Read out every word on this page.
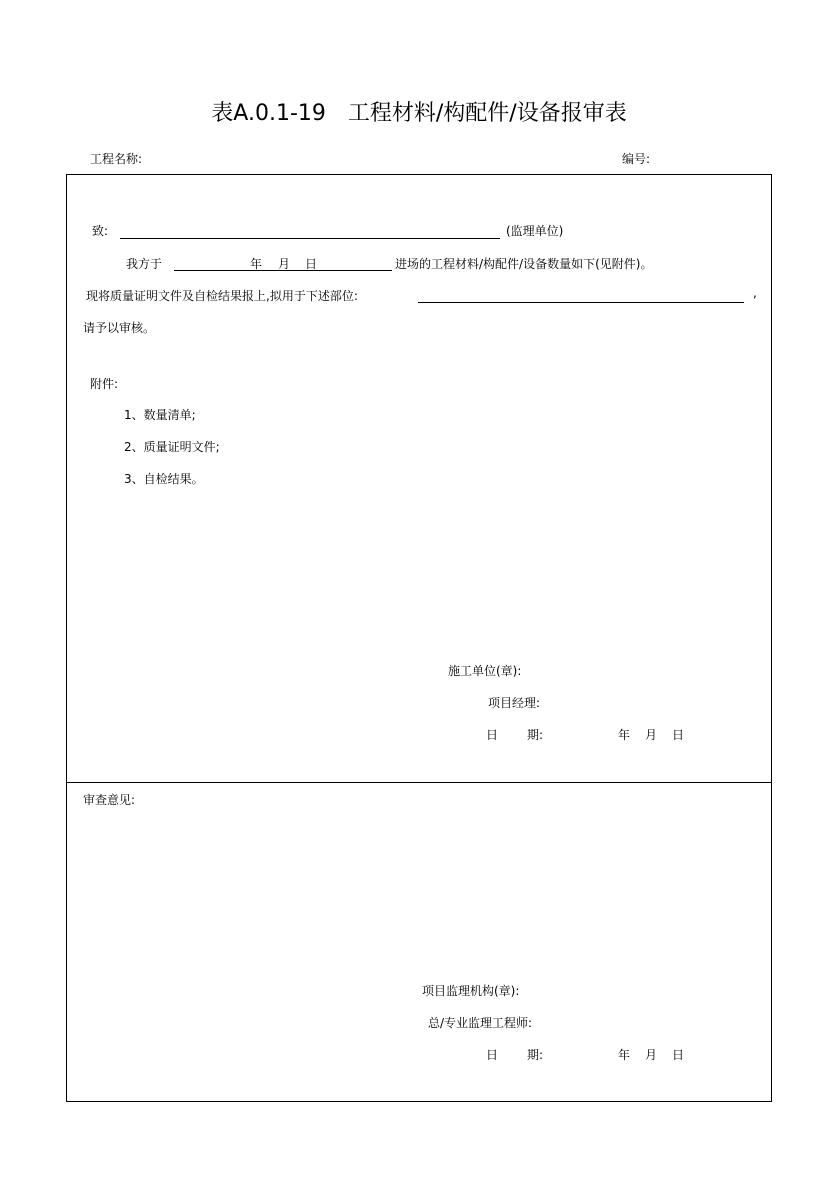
表A.0.1-19 工程材料/构配件/设备报审表
工程名称:	编号:
致:	(监理单位)
我方于	年 月 日	进场的工程材料/构配件/设备数量如下(见附件)。
现将质量证明文件及自检结果报上,拟用于下述部位:	,
请予以审核。
附件:
1、数量清单;
2、质量证明文件;
3、自检结果。
施工单位(章):
项目经理:
日 期:	年 月 日
审查意见:
项目监理机构(章):
总/专业监理工程师:
日 期:	年 月 日
